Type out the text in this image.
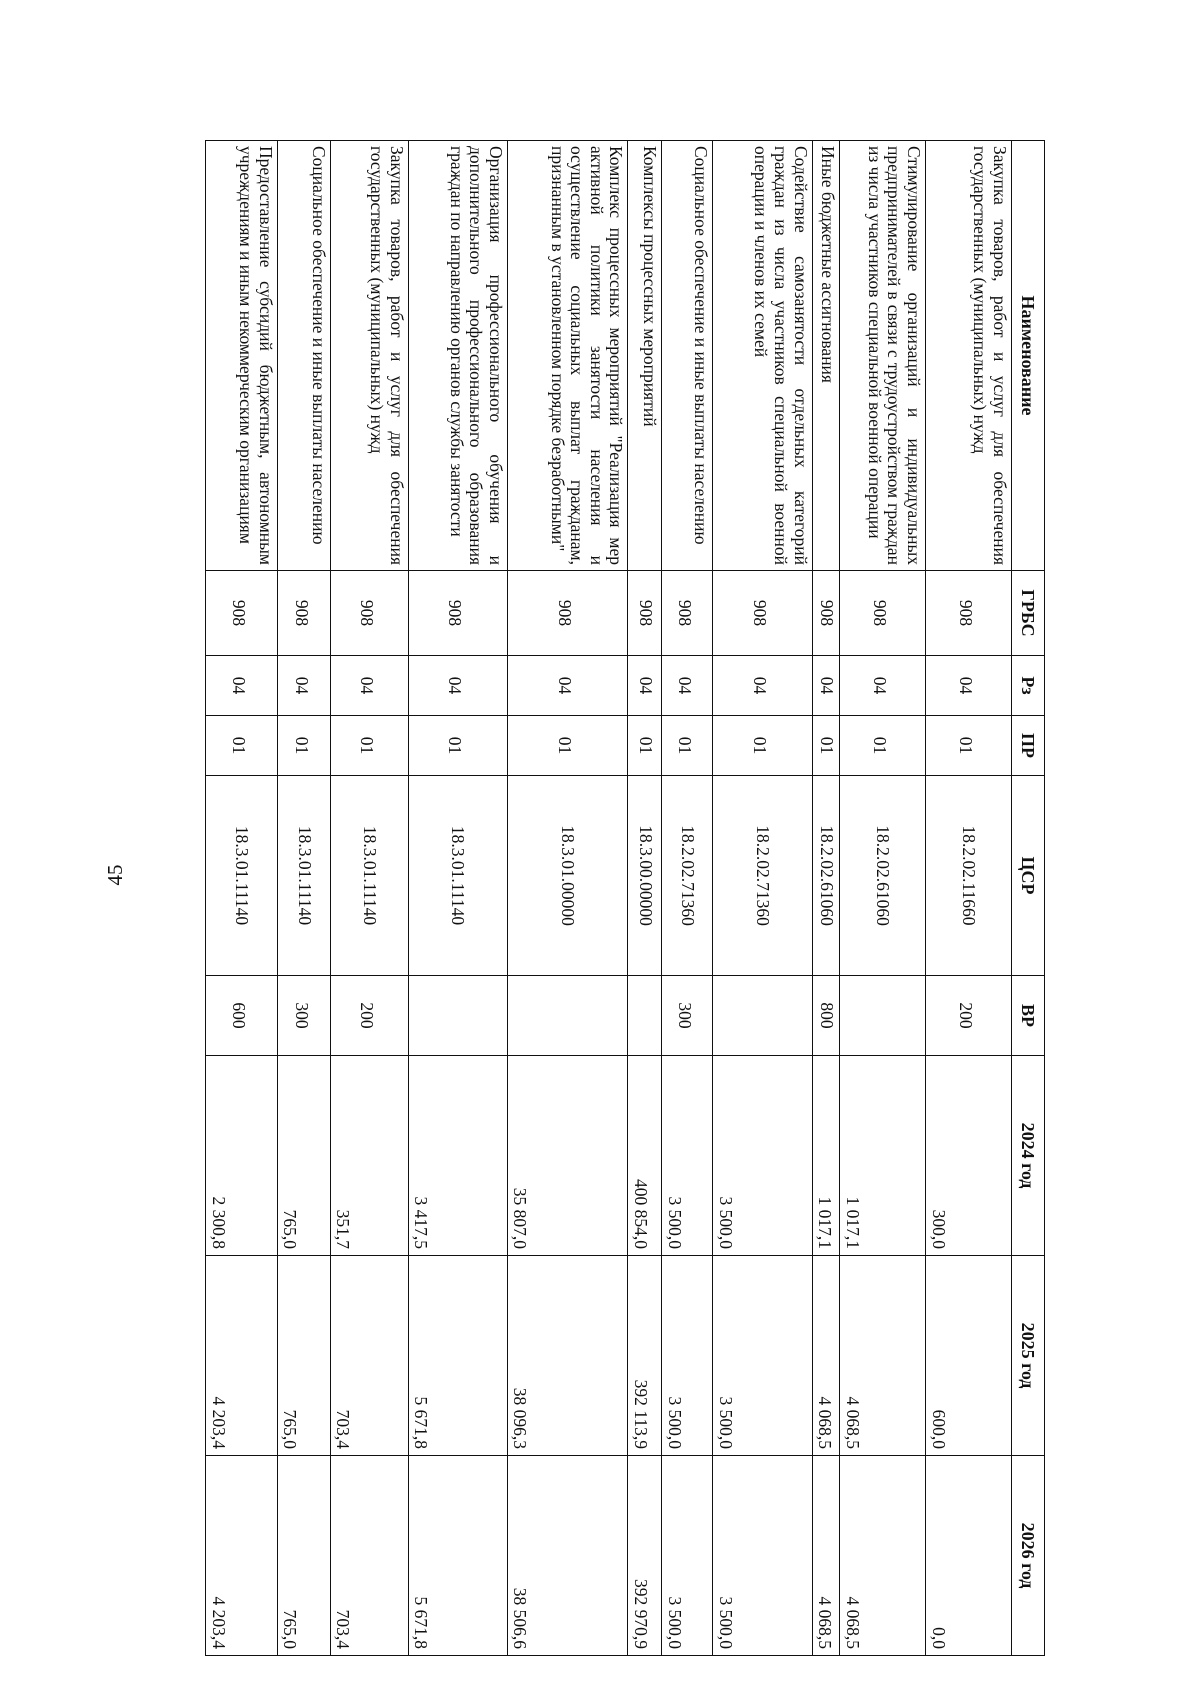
45
Наименование	ГРБС	Рз	ПР	ЦСР	ВР	2024 год	2025 год	2026 год
Закупка товаров, работ и услуг для обеспечения государственных (муниципальных) нужд	908	04	01	18.2.02.11660	200	300,0	600,0	0,0
Стимулирование организаций и индивидуальных предпринимателей в связи с трудоустройством граждан из числа участников специальной военной операции	908	04	01	18.2.02.61060		1 017,1	4 068,5	4 068,5
Иные бюджетные ассигнования	908	04	01	18.2.02.61060	800	1 017,1	4 068,5	4 068,5
Содействие самозанятости отдельных категорий граждан из числа участников специальной военной операции и членов их семей	908	04	01	18.2.02.71360		3 500,0	3 500,0	3 500,0
Социальное обеспечение и иные выплаты населению	908	04	01	18.2.02.71360	300	3 500,0	3 500,0	3 500,0
Комплексы процессных мероприятий	908	04	01	18.3.00.00000		400 854,0	392 113,9	392 970,9
Комплекс процессных мероприятий "Реализация мер активной политики занятости населения и осуществление социальных выплат гражданам, признанным в установленном порядке безработными"	908	04	01	18.3.01.00000		35 807,0	38 096,3	38 506,6
Организация профессионального обучения и дополнительного профессионального образования граждан по направлению органов службы занятости	908	04	01	18.3.01.11140		3 417,5	5 671,8	5 671,8
Закупка товаров, работ и услуг для обеспечения государственных (муниципальных) нужд	908	04	01	18.3.01.11140	200	351,7	703,4	703,4
Социальное обеспечение и иные выплаты населению	908	04	01	18.3.01.11140	300	765,0	765,0	765,0
Предоставление субсидий бюджетным, автономным учреждениям и иным некоммерческим организациям	908	04	01	18.3.01.11140	600	2 300,8	4 203,4	4 203,4
